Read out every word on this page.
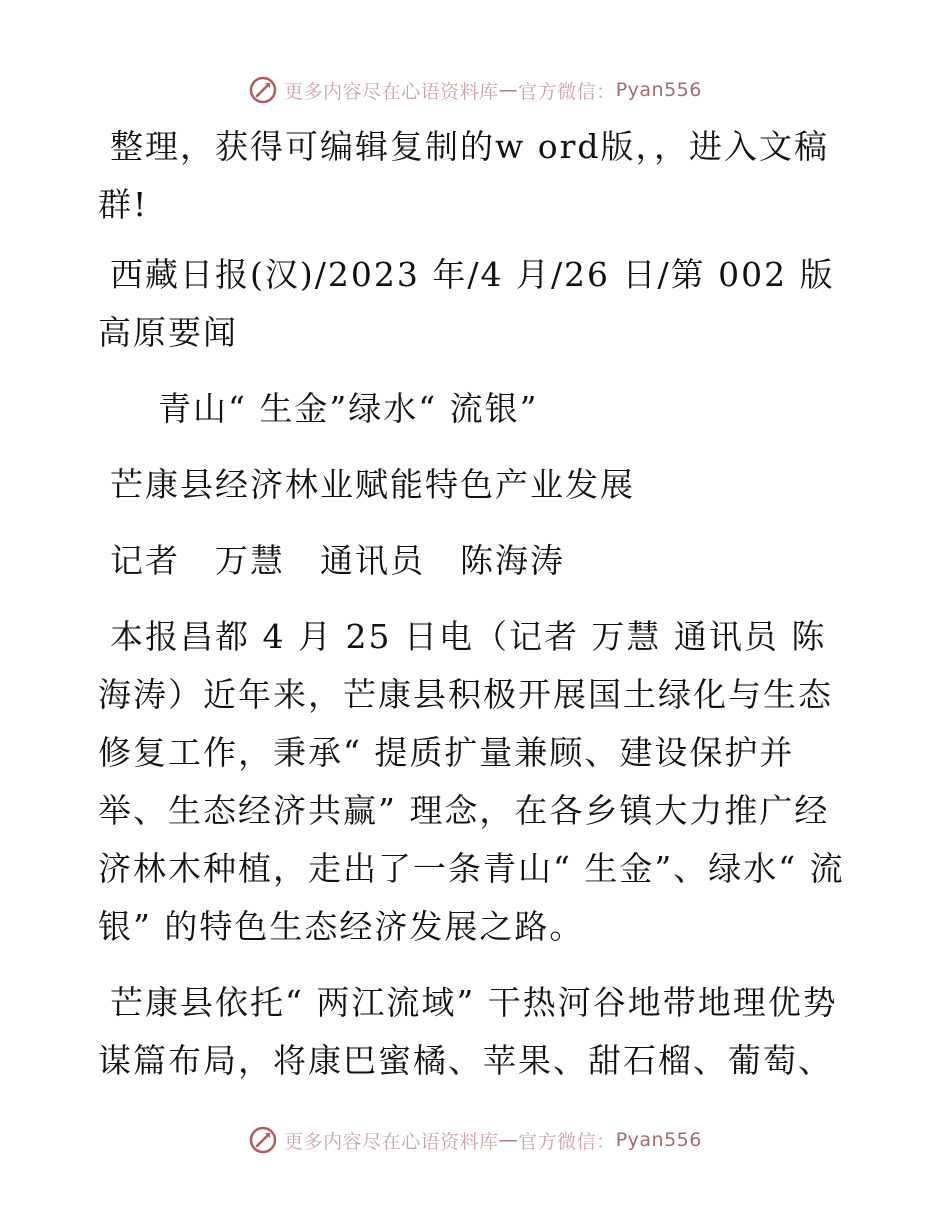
更多内容尽在心语资料库 — 官方微信： Pyan556

整理，获得可编辑复制的w ord版，，进入文稿群!

西藏日报(汉)/2023 年/4 月/26 日/第 002 版高原要闻

青山“ 生金”绿水“ 流银”

芒康县经济林业赋能特色产业发展

记者　万慧　通讯员　陈海涛

本报昌都 4 月 25 日电（记者 万慧 通讯员 陈海涛）近年来，芒康县积极开展国土绿化与生态修复工作，秉承“ 提质扩量兼顾、建设保护并举、生态经济共赢” 理念，在各乡镇大力推广经济林木种植，走出了一条青山“ 生金”、绿水“ 流银” 的特色生态经济发展之路。

芒康县依托“ 两江流域” 干热河谷地带地理优势谋篇布局，将康巴蜜橘、苹果、甜石榴、葡萄、

更多内容尽在心语资料库 — 官方微信： Pyan556
